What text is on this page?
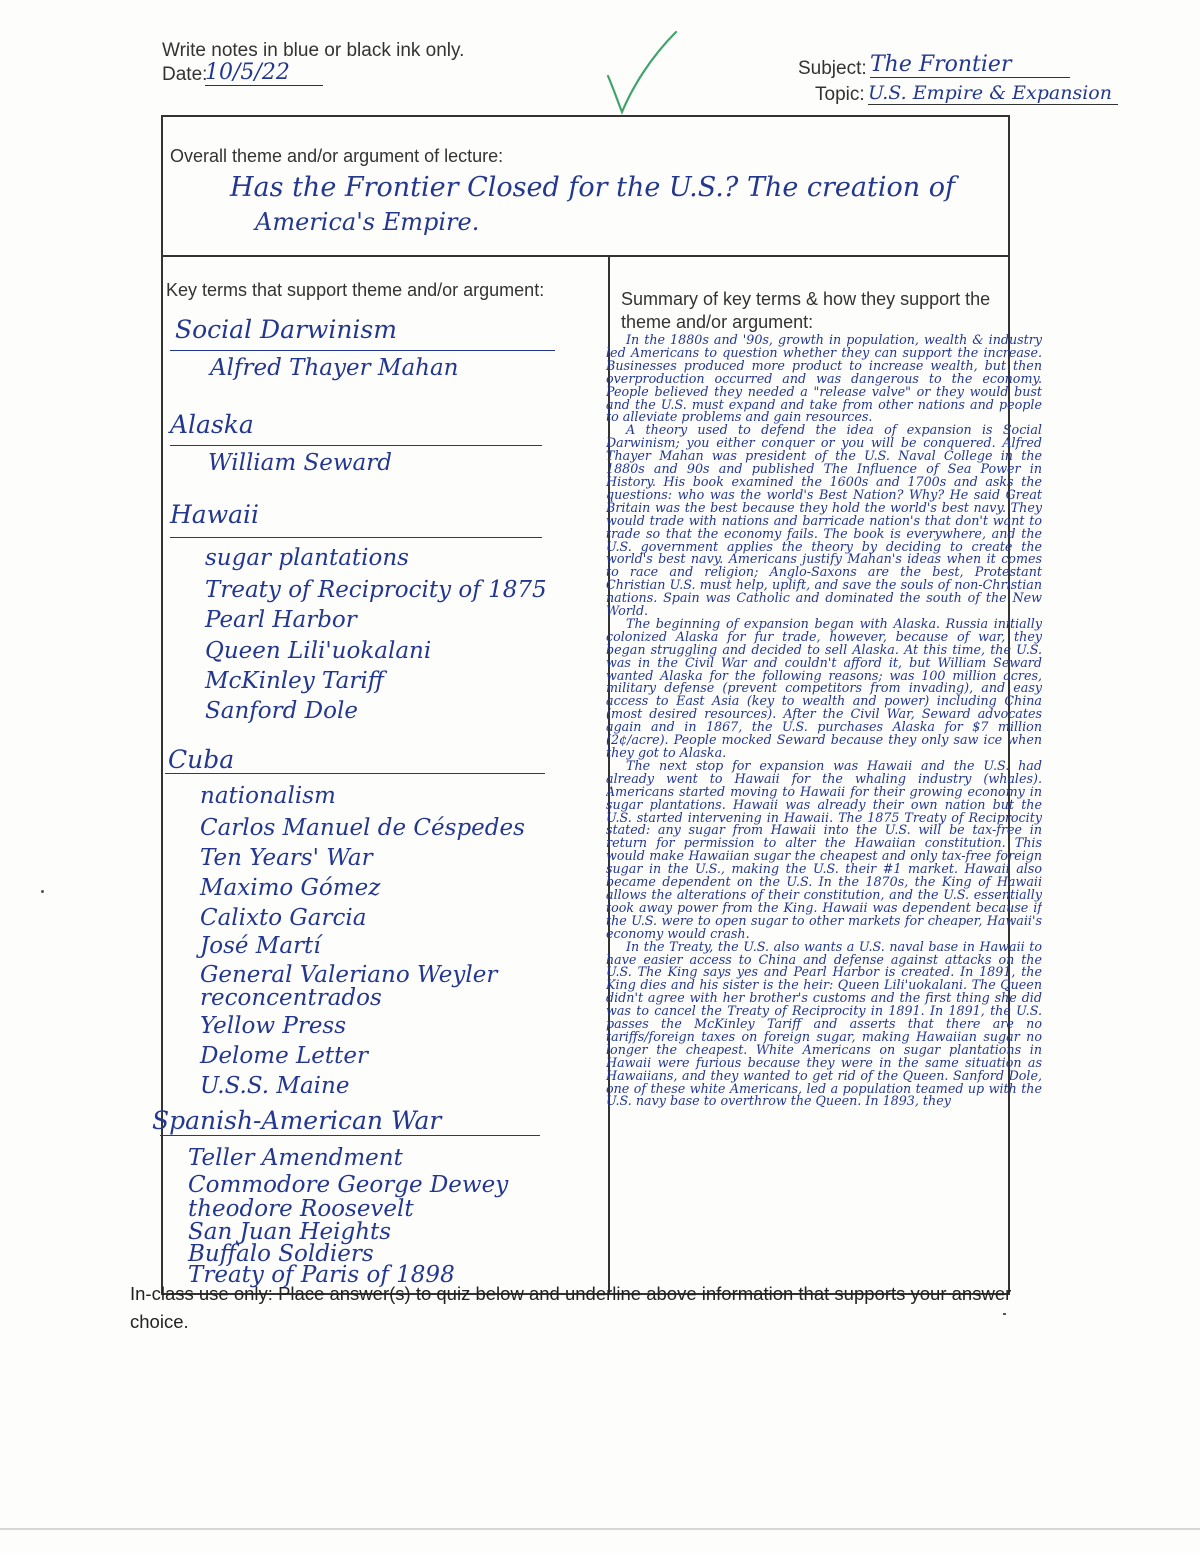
Write notes in blue or black ink only.
Date:
10/5/22	Subject: The Frontier
Topic: U.S. Empire & Expansion
Overall theme and/or argument of lecture:
Has the Frontier Closed for the U.S.? The creation of
America's Empire.
Key terms that support theme and/or argument:	Summary of key terms & how they support the theme and/or argument:
Social Darwinism
Alfred Thayer Mahan
Alaska
William Seward
Hawaii
sugar plantations
Treaty of Reciprocity of 1875
Pearl Harbor
Queen Lili'uokalani
McKinley Tariff
Sanford Dole
Cuba
nationalism
Carlos Manuel de Céspedes
Ten Years' War
Maximo Gómez
Calixto Garcia
José Martí
General Valeriano Weyler
reconcentrados
Yellow Press
Delome Letter
U.S.S. Maine
Spanish-American War
Teller Amendment
Commodore George Dewey
theodore Roosevelt
San Juan Heights
Buffalo Soldiers
Treaty of Paris of 1898

In the 1880s and '90s, growth in population, wealth & industry led Americans to question whether they can support the increase. Businesses produced more product to increase wealth, but then overproduction occurred and was dangerous to the economy. People believed they needed a "release valve" or they would bust and the U.S. must expand and take from other nations and people to alleviate problems and gain resources.

A theory used to defend the idea of expansion is Social Darwinism; you either conquer or you will be conquered. Alfred Thayer Mahan was president of the U.S. Naval College in the 1880s and 90s and published The Influence of Sea Power in History. His book examined the 1600s and 1700s and asks the questions: who was the world's Best Nation? Why? He said Great Britain was the best because they hold the world's best navy. They would trade with nations and barricade nation's that don't want to trade so that the economy fails. The book is everywhere, and the U.S. government applies the theory by deciding to create the world's best navy. Americans justify Mahan's ideas when it comes to race and religion; Anglo-Saxons are the best, Protestant Christian U.S. must help, uplift, and save the souls of non-Christian nations. Spain was Catholic and dominated the south of the New World.

The beginning of expansion began with Alaska. Russia initially colonized Alaska for fur trade, however, because of war, they began struggling and decided to sell Alaska. At this time, the U.S. was in the Civil War and couldn't afford it, but William Seward wanted Alaska for the following reasons; was 100 million acres, military defense (prevent competitors from invading), and easy access to East Asia (key to wealth and power) including China (most desired resources). After the Civil War, Seward advocates again and in 1867, the U.S. purchases Alaska for $7 million (2¢/acre). People mocked Seward because they only saw ice when they got to Alaska.

The next stop for expansion was Hawaii and the U.S. had already went to Hawaii for the whaling industry (whales). Americans started moving to Hawaii for their growing economy in sugar plantations. Hawaii was already their own nation but the U.S. started intervening in Hawaii. The 1875 Treaty of Reciprocity stated: any sugar from Hawaii into the U.S. will be tax-free in return for permission to alter the Hawaiian constitution. This would make Hawaiian sugar the cheapest and only tax-free foreign sugar in the U.S., making the U.S. their #1 market. Hawaii also became dependent on the U.S. In the 1870s, the King of Hawaii allows the alterations of their constitution, and the U.S. essentially took away power from the King. Hawaii was dependent because if the U.S. were to open sugar to other markets for cheaper, Hawaii's economy would crash.

In the Treaty, the U.S. also wants a U.S. naval base in Hawaii to have easier access to China and defense against attacks on the U.S. The King says yes and Pearl Harbor is created. In 1891, the King dies and his sister is the heir: Queen Lili'uokalani. The Queen didn't agree with her brother's customs and the first thing she did was to cancel the Treaty of Reciprocity in 1891. In 1891, the U.S. passes the McKinley Tariff and asserts that there are no tariffs/foreign taxes on foreign sugar, making Hawaiian sugar no longer the cheapest. White Americans on sugar plantations in Hawaii were furious because they were in the same situation as Hawaiians, and they wanted to get rid of the Queen. Sanford Dole, one of these white Americans, led a population teamed up with the U.S. navy base to overthrow the Queen. In 1893, they

In-class use only: Place answer(s) to quiz below and underline above information that supports your answer choice.
